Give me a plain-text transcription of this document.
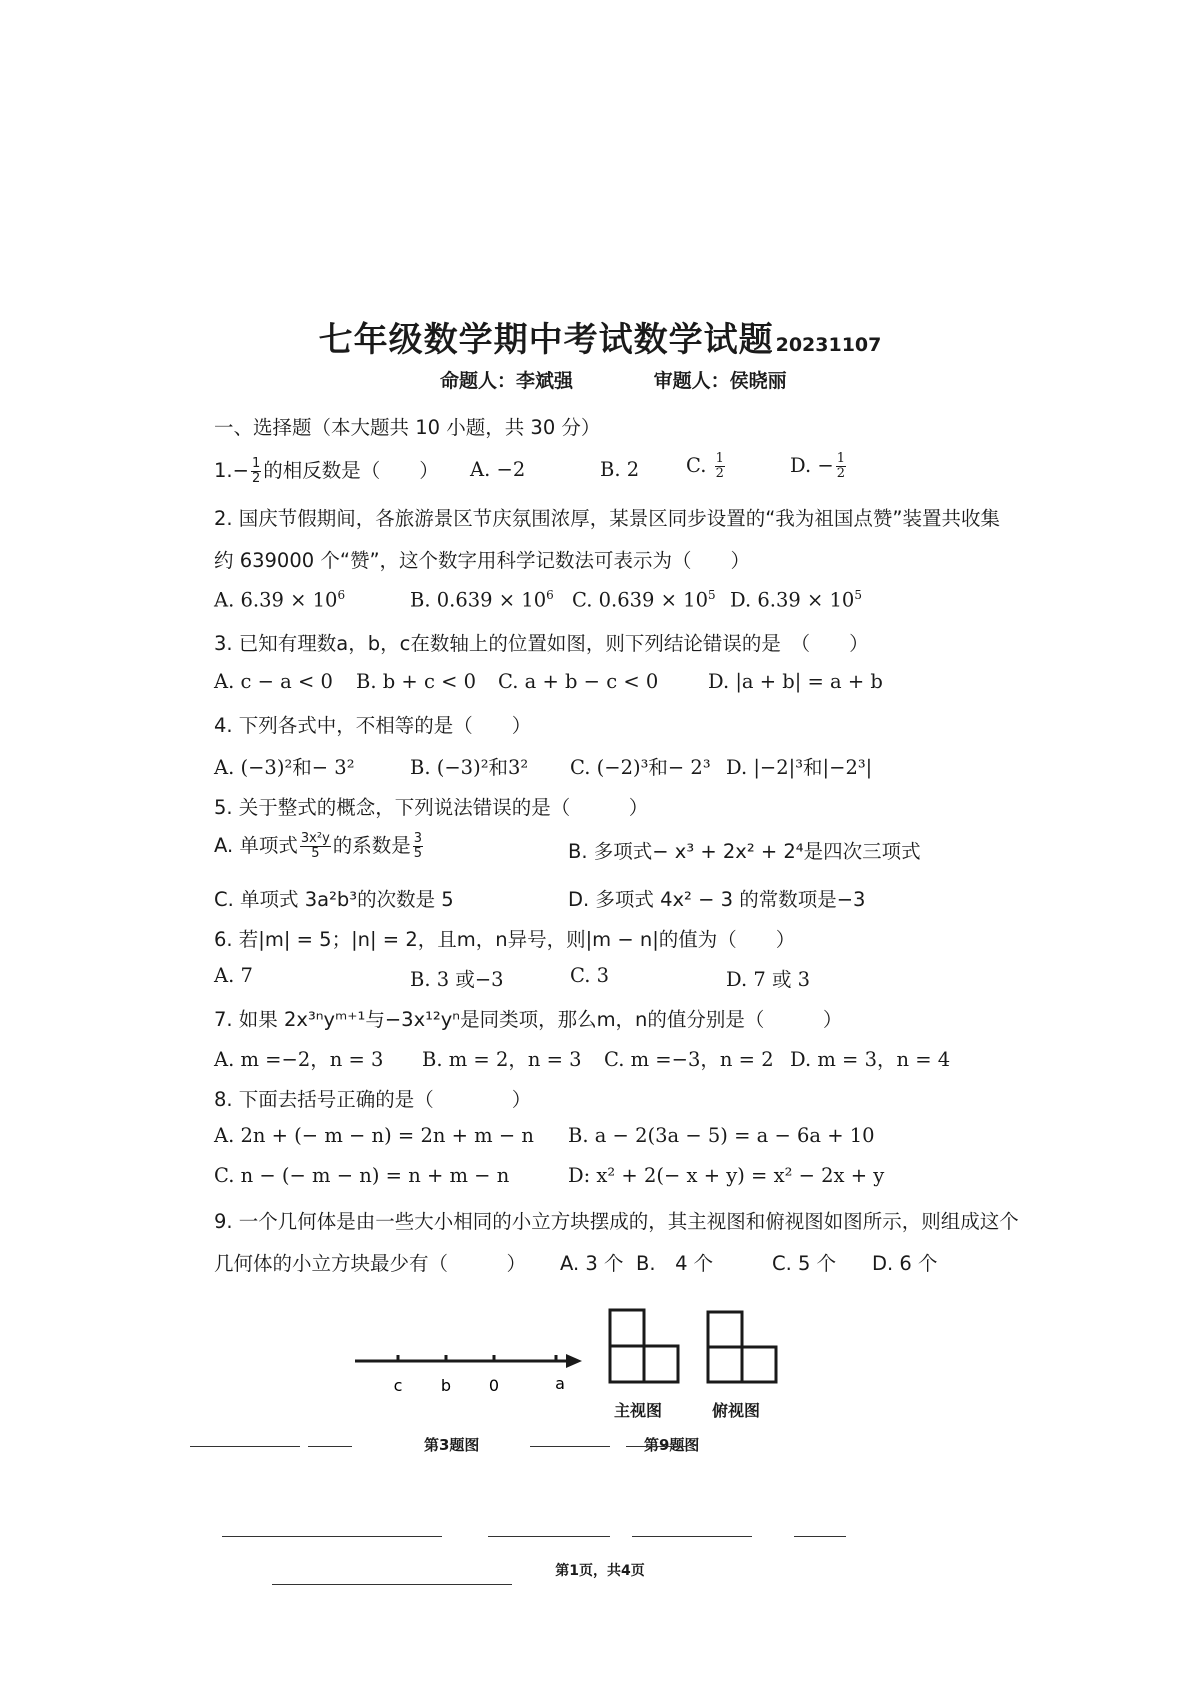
七年级数学期中考试数学试题 20231107
命题人：李斌强	审题人：侯晓丽
一、选择题（本大题共 10 小题，共 30 分）
$1.- \frac{1}{2}$ 的相反数是（　　） A. −2	B. 2 C. $\frac{1}{2}$	D. − $\frac{1}{2}$
2. 国庆节假期间，各旅游景区节庆氛围浓厚，某景区同步设置的“我为祖国点赞”装置共收集
约 639000 个“赞”，这个数字用科学记数法可表示为（　　）
A. $6.39 \times 10^6$	B. $0.639 \times 10^6$ C. $0.639 \times 10^5$ D. $6.39 \times 10^5$
3. 已知有理数a，b，c在数轴上的位置如图，则下列结论错误的是　（　　）
A. c − a < 0 B. b + c < 0 C. a + b − c < 0	D. |a + b| = a + b
4. 下列各式中，不相等的是（　　）
A. (−3)²和− 3²	B. (−3)²和3² C. (−2)³和− 2³ D. |−2|³和|−2³|
5. 关于整式的概念，下列说法错误的是（　　　）
A. 单项式 $\frac{\text{3x²y}}{5}$ 的系数是 $\frac{3}{5}$	B. 多项式− x³ + 2x² + 2⁴是四次三项式
C. 单项式 3a²b³的次数是 5	D. 多项式 4x² − 3 的常数项是−3
6. 若|m| = 5；|n| = 2，且m，n异号，则|m − n|的值为（　　）
A. 7	B. 3 或−3	C. 3	D. 7 或 3
7. 如果 2x³ⁿyᵐ⁺¹与−3x¹²yⁿ是同类项，那么m，n的值分别是（　　　）
A. m =−2，n = 3 B. m = 2，n = 3 C. m =−3，n = 2 D. m = 3，n = 4
8. 下面去括号正确的是（　　　　）
A. 2n + (− m − n) = 2n + m − n B. a − 2(3a − 5) = a − 6a + 10
C. n − (− m − n) = n + m − n	D: x² + 2(− x + y) = x² − 2x + y
9. 一个几何体是由一些大小相同的小立方块摆成的，其主视图和俯视图如图所示，则组成这个
几何体的小立方块最少有（　　　） A. 3 个 B.　4 个	C. 5 个 D. 6 个
c b 0	a
主视图	俯视图
第3题图	第9题图
第1页，共4页
